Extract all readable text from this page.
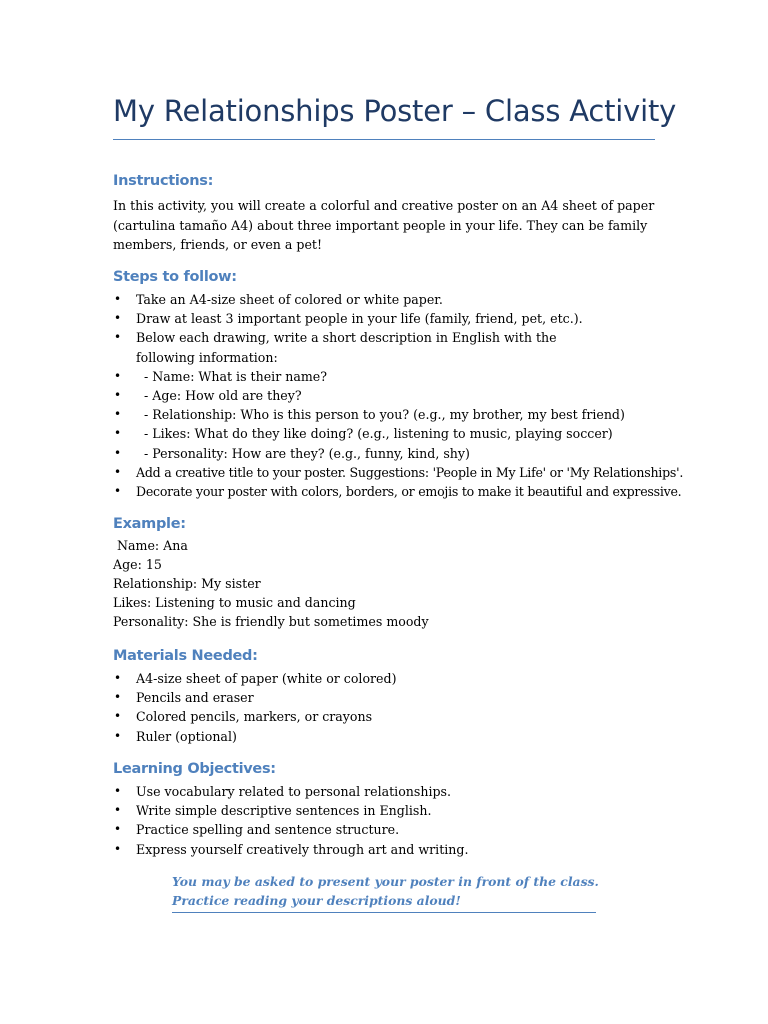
My Relationships Poster – Class Activity
Instructions:
In this activity, you will create a colorful and creative poster on an A4 sheet of paper (cartulina tamaño A4) about three important people in your life. They can be family members, friends, or even a pet!
Steps to follow:
• Take an A4-size sheet of colored or white paper.
• Draw at least 3 important people in your life (family, friend, pet, etc.).
• Below each drawing, write a short description in English with the following information:
• - Name: What is their name?
• - Age: How old are they?
• - Relationship: Who is this person to you? (e.g., my brother, my best friend)
• - Likes: What do they like doing? (e.g., listening to music, playing soccer)
• - Personality: How are they? (e.g., funny, kind, shy)
• Add a creative title to your poster. Suggestions: 'People in My Life' or 'My Relationships'.
• Decorate your poster with colors, borders, or emojis to make it beautiful and expressive.
Example:
Name: Ana
Age: 15
Relationship: My sister
Likes: Listening to music and dancing
Personality: She is friendly but sometimes moody
Materials Needed:
• A4-size sheet of paper (white or colored)
• Pencils and eraser
• Colored pencils, markers, or crayons
• Ruler (optional)
Learning Objectives:
• Use vocabulary related to personal relationships.
• Write simple descriptive sentences in English.
• Practice spelling and sentence structure.
• Express yourself creatively through art and writing.
You may be asked to present your poster in front of the class.
Practice reading your descriptions aloud!
